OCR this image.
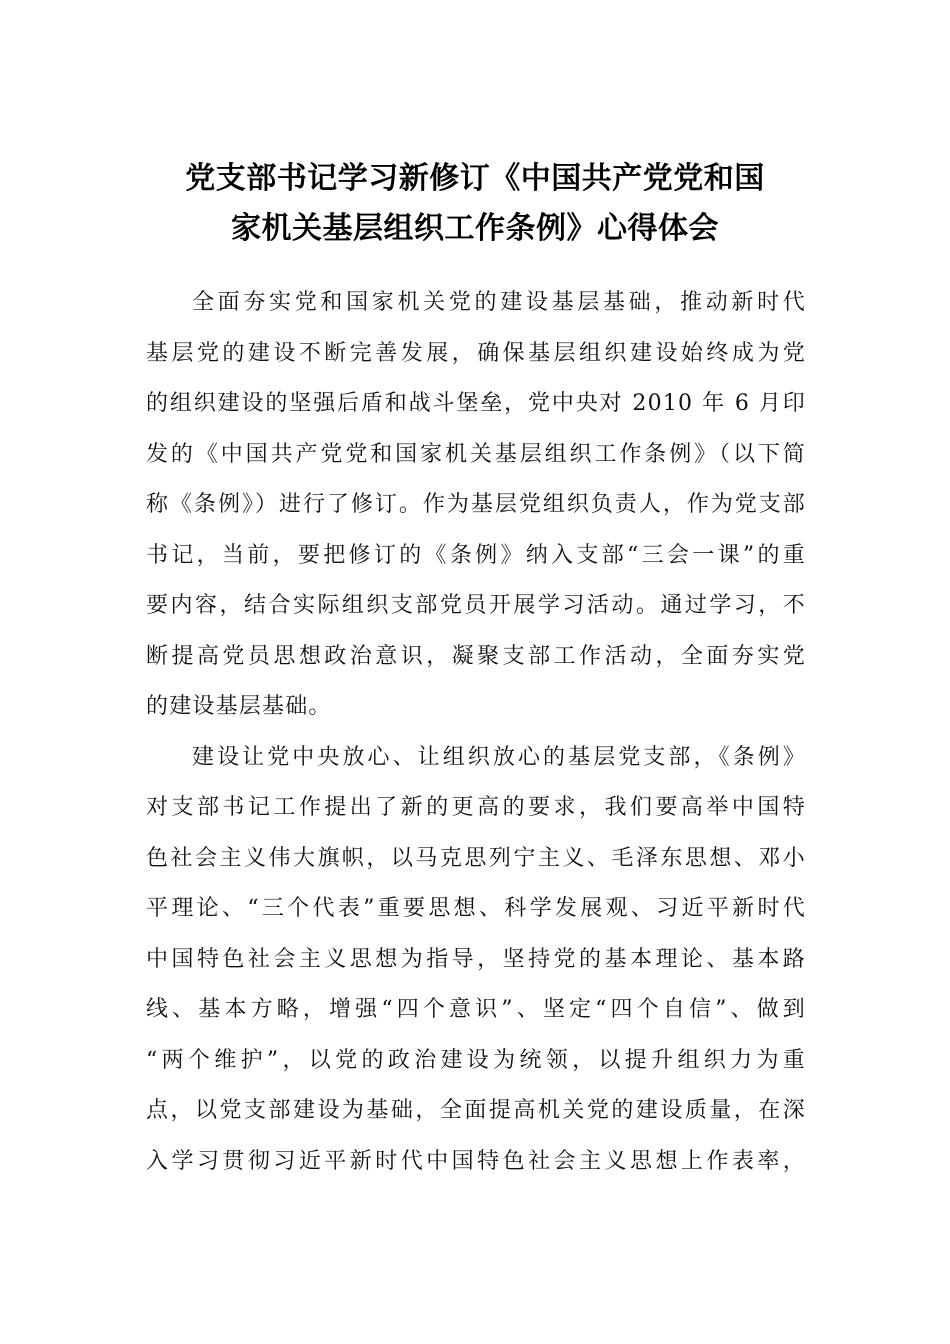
党支部书记学习新修订《中国共产党党和国
家机关基层组织工作条例》心得体会

全面夯实党和国家机关党的建设基层基础，推动新时代
基层党的建设不断完善发展，确保基层组织建设始终成为党
的组织建设的坚强后盾和战斗堡垒，党中央对 2010 年 6 月印
发的《中国共产党党和国家机关基层组织工作条例》（以下简
称《条例》）进行了修订。作为基层党组织负责人，作为党支部
书记，当前，要把修订的《条例》纳入支部“三会一课”的重
要内容，结合实际组织支部党员开展学习活动。通过学习，不
断提高党员思想政治意识，凝聚支部工作活动，全面夯实党
的建设基层基础。

建设让党中央放心、让组织放心的基层党支部，《条例》
对支部书记工作提出了新的更高的要求，我们要高举中国特
色社会主义伟大旗帜，以马克思列宁主义、毛泽东思想、邓小
平理论、“三个代表”重要思想、科学发展观、习近平新时代
中国特色社会主义思想为指导，坚持党的基本理论、基本路
线、基本方略，增强“四个意识”、坚定“四个自信”、做到
“两个维护”，以党的政治建设为统领，以提升组织力为重
点，以党支部建设为基础，全面提高机关党的建设质量，在深
入学习贯彻习近平新时代中国特色社会主义思想上作表率，
